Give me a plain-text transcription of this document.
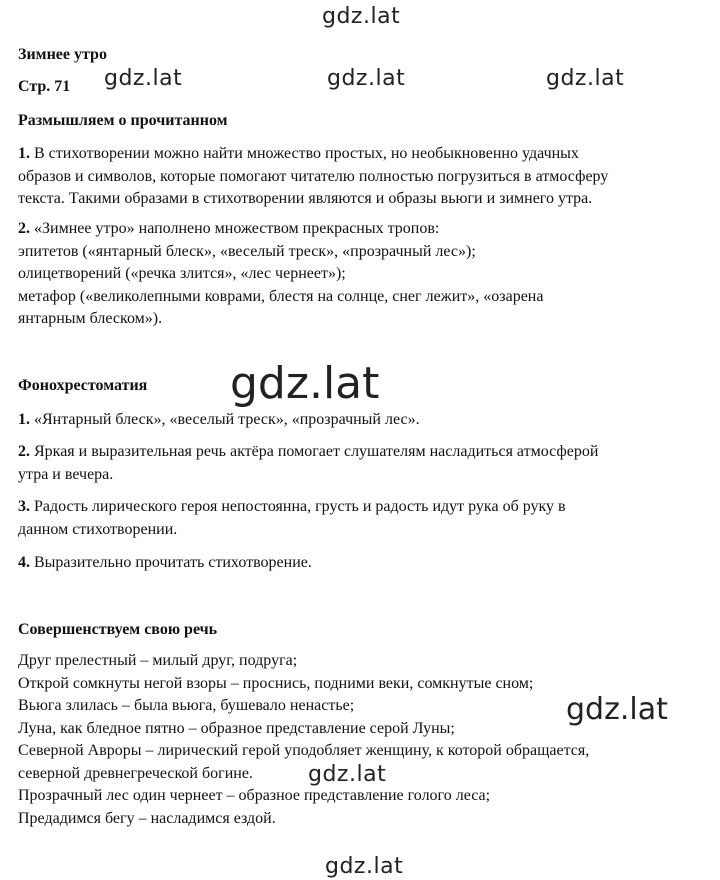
gdz.lat
gdz.lat	gdz.lat	gdz.lat
gdz.lat
gdz.lat
gdz.lat
gdz.lat
Зимнее утро
Стр. 71
Размышляем о прочитанном
1. В стихотворении можно найти множество простых, но необыкновенно удачных
образов и символов, которые помогают читателю полностью погрузиться в атмосферу
текста. Такими образами в стихотворении являются и образы вьюги и зимнего утра.
2. «Зимнее утро» наполнено множеством прекрасных тропов:
эпитетов («янтарный блеск», «веселый треск», «прозрачный лес»);
олицетворений («речка злится», «лес чернеет»);
метафор («великолепными коврами, блестя на солнце, снег лежит», «озарена
янтарным блеском»).
Фонохрестоматия
1. «Янтарный блеск», «веселый треск», «прозрачный лес».
2. Яркая и выразительная речь актёра помогает слушателям насладиться атмосферой
утра и вечера.
3. Радость лирического героя непостоянна, грусть и радость идут рука об руку в
данном стихотворении.
4. Выразительно прочитать стихотворение.
Совершенствуем свою речь
Друг прелестный – милый друг, подруга;
Открой сомкнуты негой взоры – проснись, подними веки, сомкнутые сном;
Вьюга злилась – была вьюга, бушевало ненастье;
Луна, как бледное пятно – образное представление серой Луны;
Северной Авроры – лирический герой уподобляет женщину, к которой обращается,
северной древнегреческой богине.
Прозрачный лес один чернеет – образное представление голого леса;
Предадимся бегу – насладимся ездой.
